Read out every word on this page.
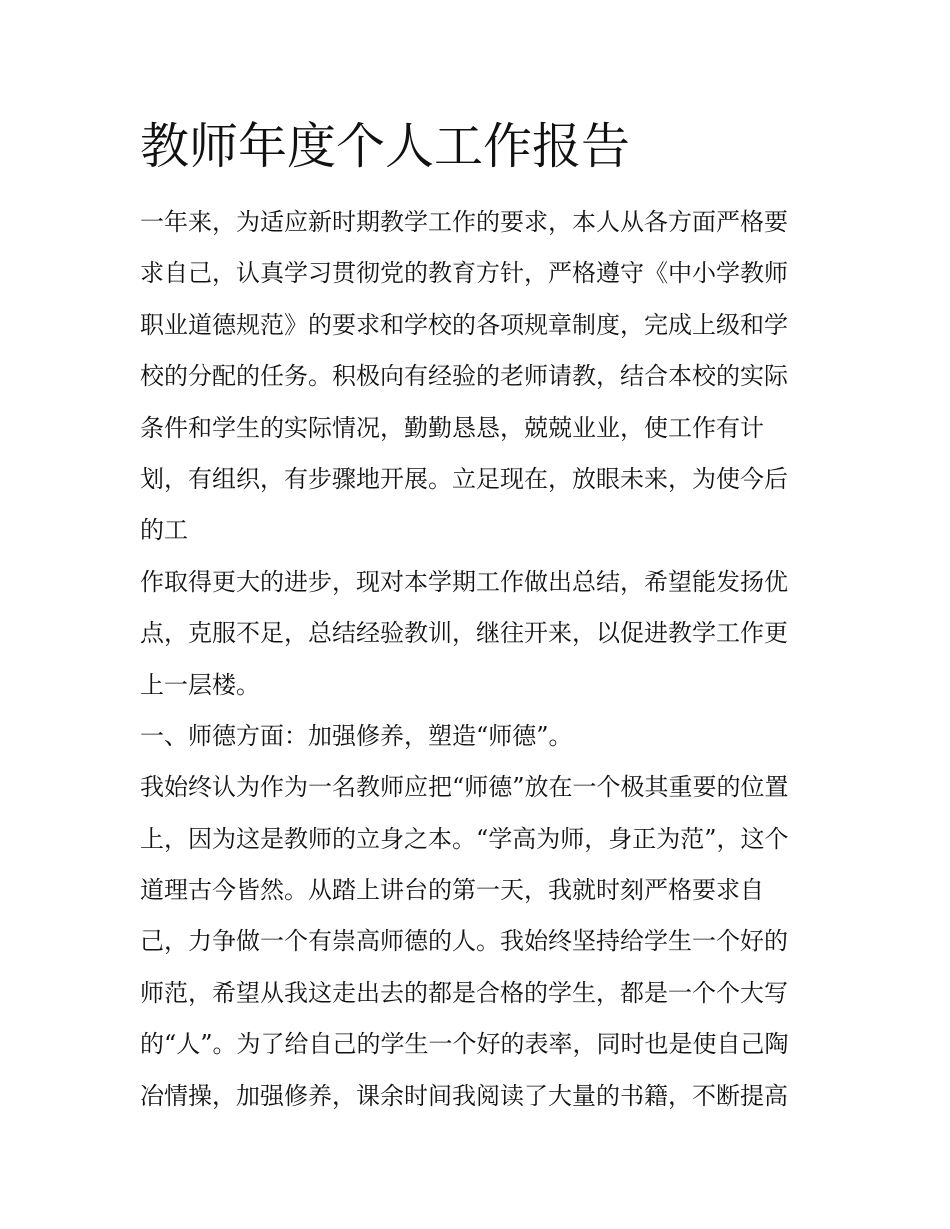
教师年度个人工作报告
一年来，为适应新时期教学工作的要求，本人从各方面严格要
求自己，认真学习贯彻党的教育方针，严格遵守《中小学教师
职业道德规范》的要求和学校的各项规章制度，完成上级和学
校的分配的任务。积极向有经验的老师请教，结合本校的实际
条件和学生的实际情况，勤勤恳恳，兢兢业业，使工作有计
划，有组织，有步骤地开展。立足现在，放眼未来，为使今后
的工
作取得更大的进步，现对本学期工作做出总结，希望能发扬优
点，克服不足，总结经验教训，继往开来，以促进教学工作更
上一层楼。
一、师德方面：加强修养，塑造“师德”。
我始终认为作为一名教师应把“师德”放在一个极其重要的位置
上，因为这是教师的立身之本。“学高为师，身正为范”，这个
道理古今皆然。从踏上讲台的第一天，我就时刻严格要求自
己，力争做一个有崇高师德的人。我始终坚持给学生一个好的
师范，希望从我这走出去的都是合格的学生，都是一个个大写
的“人”。为了给自己的学生一个好的表率，同时也是使自己陶
冶情操，加强修养，课余时间我阅读了大量的书籍，不断提高
